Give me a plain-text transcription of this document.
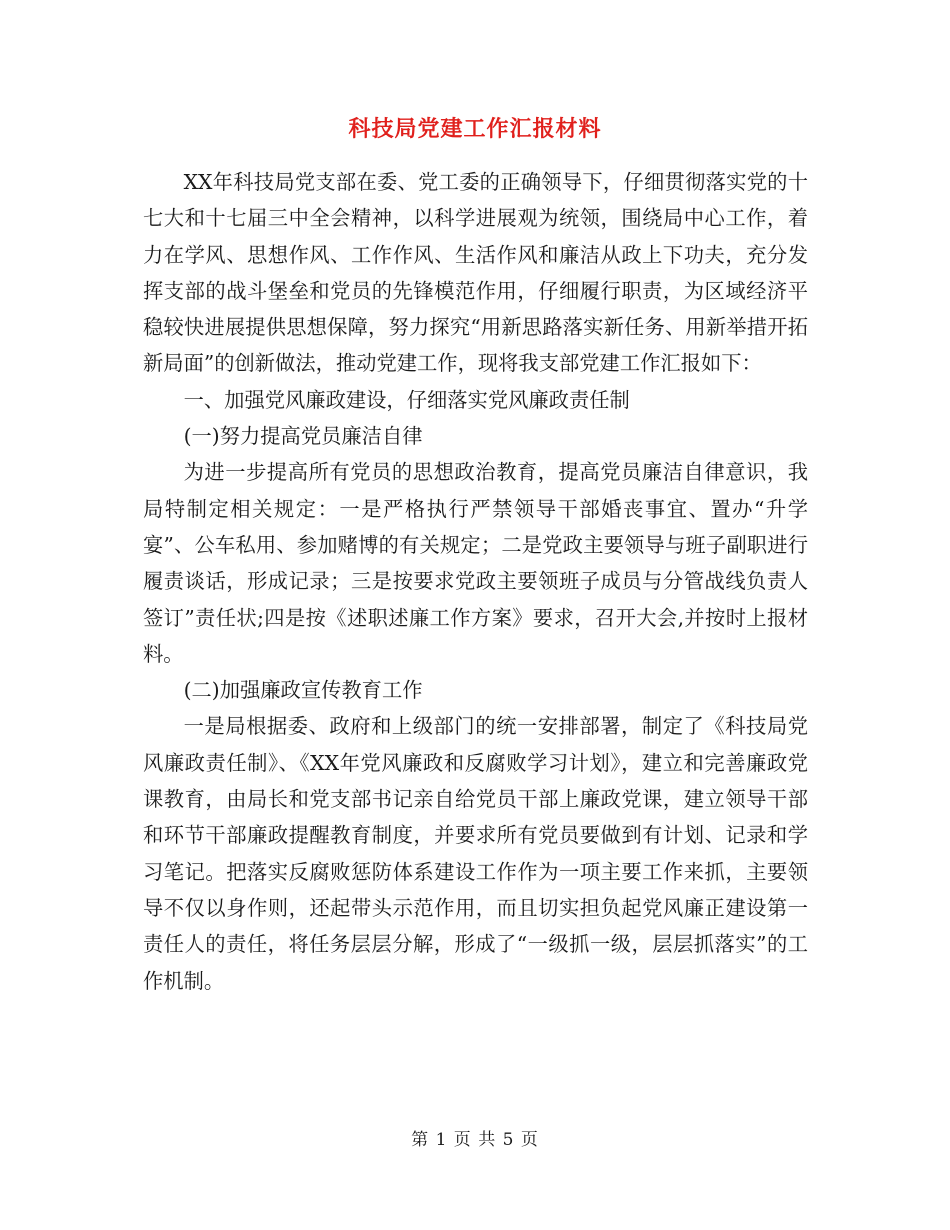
科技局党建工作汇报材料

XX年科技局党支部在委、党工委的正确领导下，仔细贯彻落实党的十七大和十七届三中全会精神，以科学进展观为统领，围绕局中心工作，着力在学风、思想作风、工作作风、生活作风和廉洁从政上下功夫，充分发挥支部的战斗堡垒和党员的先锋模范作用，仔细履行职责，为区域经济平稳较快进展提供思想保障，努力探究“用新思路落实新任务、用新举措开拓新局面”的创新做法，推动党建工作，现将我支部党建工作汇报如下：

一、加强党风廉政建设，仔细落实党风廉政责任制

(一)努力提高党员廉洁自律

为进一步提高所有党员的思想政治教育，提高党员廉洁自律意识，我局特制定相关规定：一是严格执行严禁领导干部婚丧事宜、置办“升学宴”、公车私用、参加赌博的有关规定；二是党政主要领导与班子副职进行履责谈话，形成记录；三是按要求党政主要领班子成员与分管战线负责人签订”责任状;四是按《述职述廉工作方案》要求，召开大会,并按时上报材料。

(二)加强廉政宣传教育工作

一是局根据委、政府和上级部门的统一安排部署，制定了《科技局党风廉政责任制》、《XX年党风廉政和反腐败学习计划》，建立和完善廉政党课教育，由局长和党支部书记亲自给党员干部上廉政党课，建立领导干部和环节干部廉政提醒教育制度，并要求所有党员要做到有计划、记录和学习笔记。把落实反腐败惩防体系建设工作作为一项主要工作来抓，主要领导不仅以身作则，还起带头示范作用，而且切实担负起党风廉正建设第一责任人的责任，将任务层层分解，形成了“一级抓一级，层层抓落实”的工作机制。

第 1 页 共 5 页
